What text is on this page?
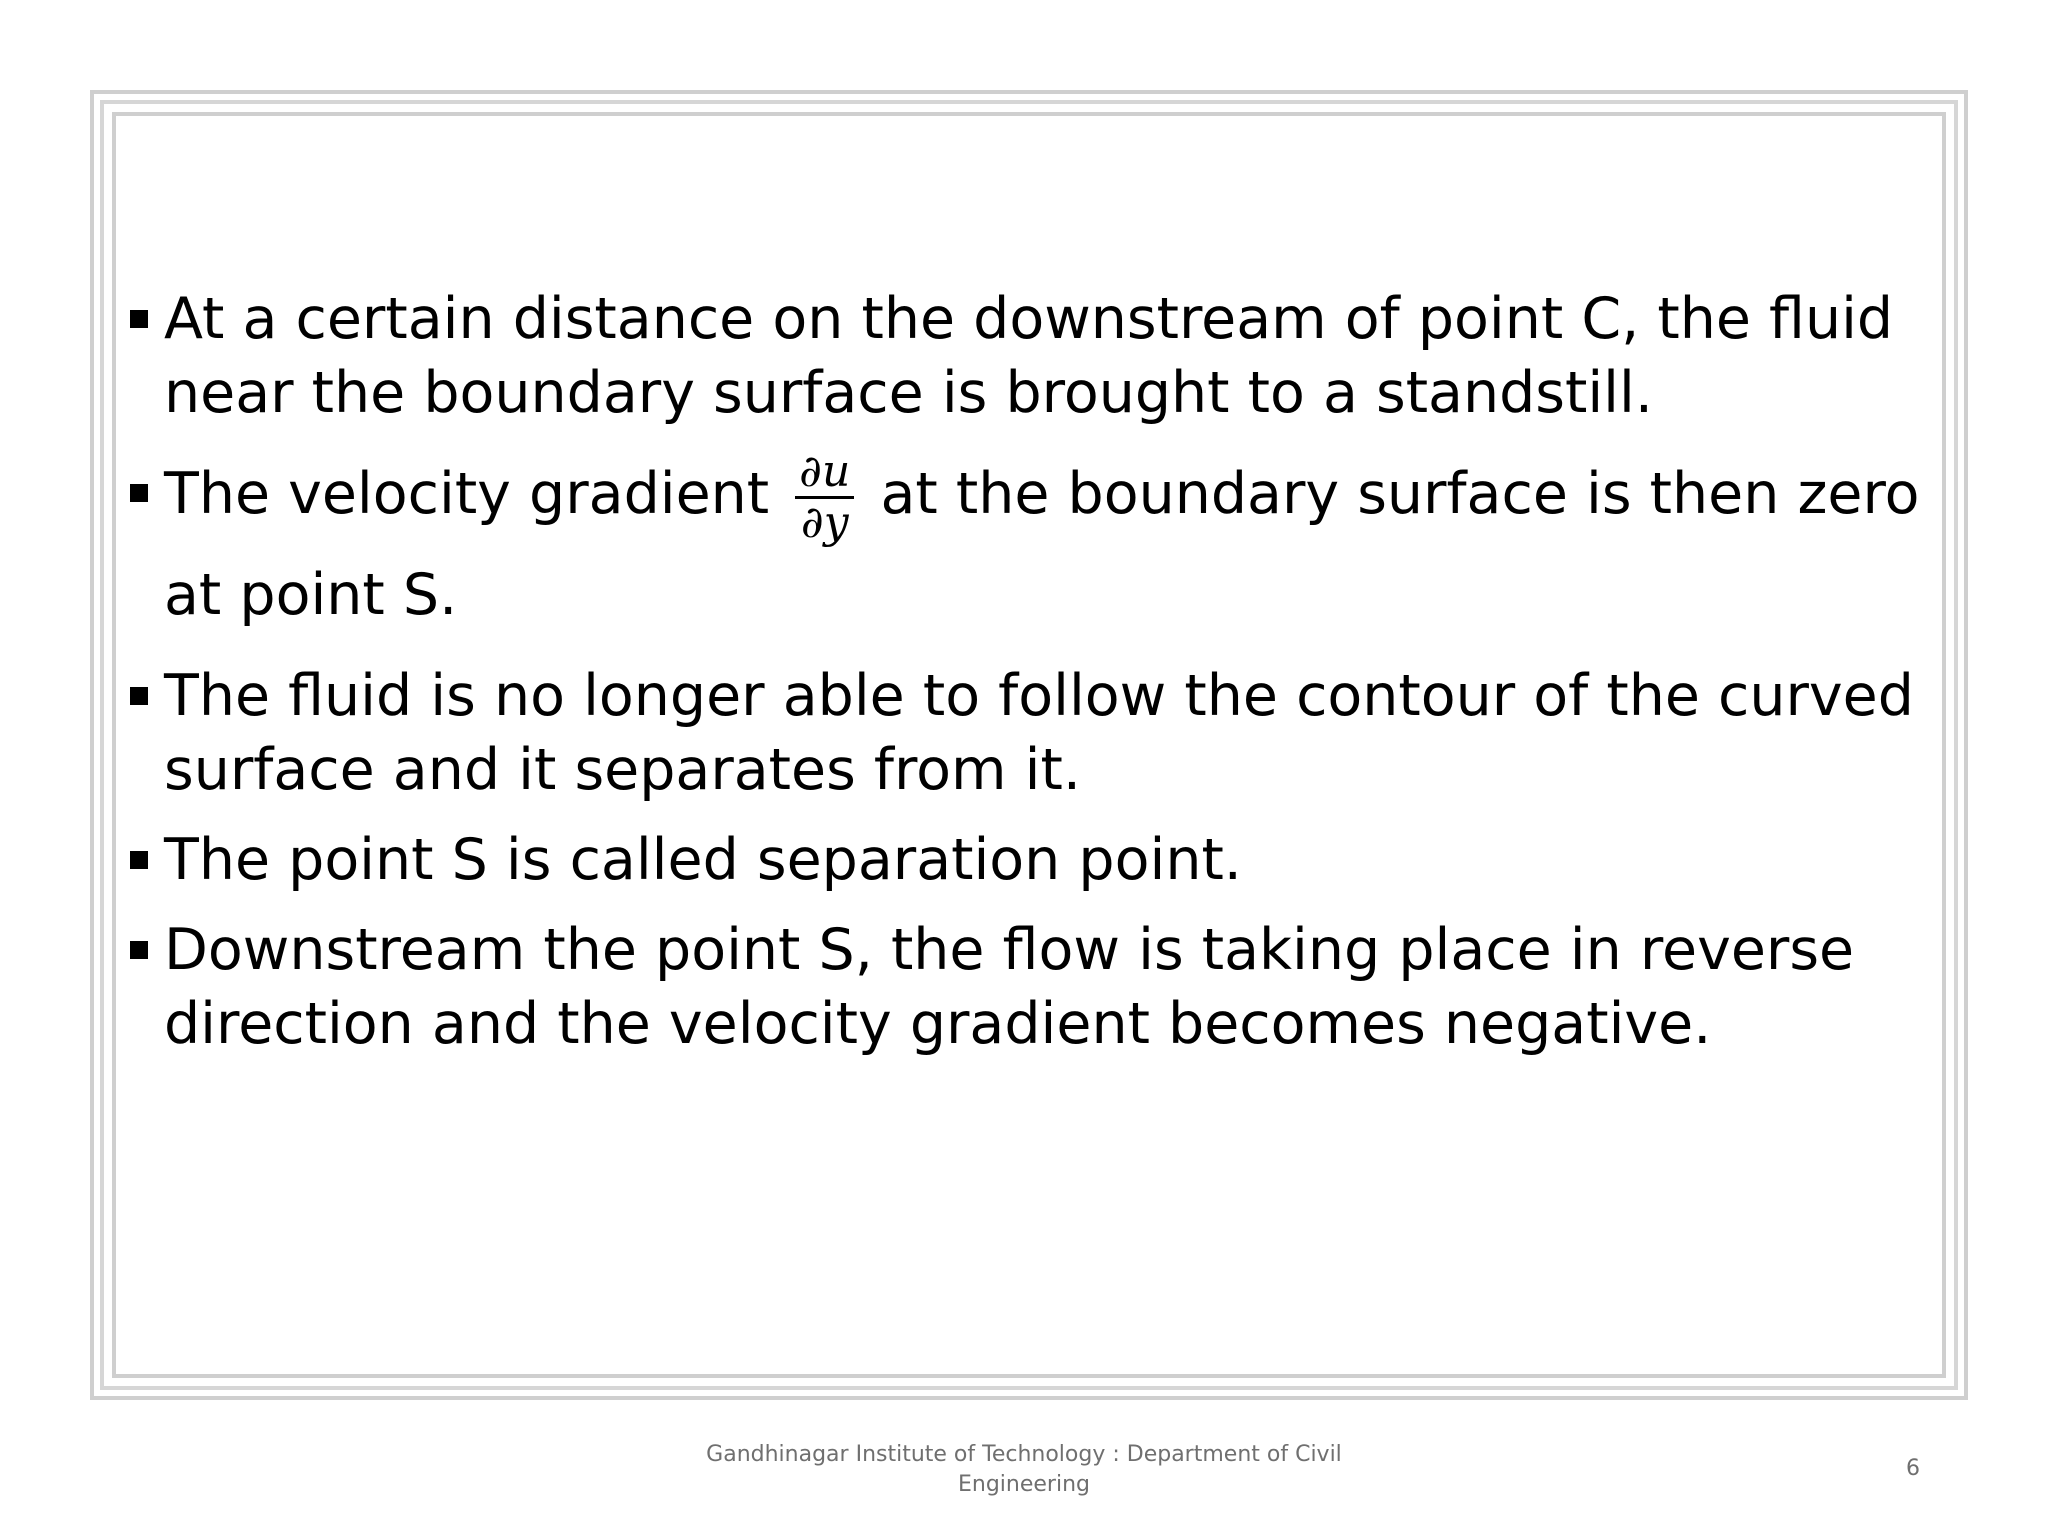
At a certain distance on the downstream of point C, the fluid near the boundary surface is brought to a standstill.
The velocity gradient $\frac{\partial u}{\partial y}$ at the boundary surface is then zero at point S.
The fluid is no longer able to follow the contour of the curved surface and it separates from it.
The point S is called separation point.
Downstream the point S, the flow is taking place in reverse direction and the velocity gradient becomes negative.
Gandhinagar Institute of Technology : Department of Civil Engineering
6
